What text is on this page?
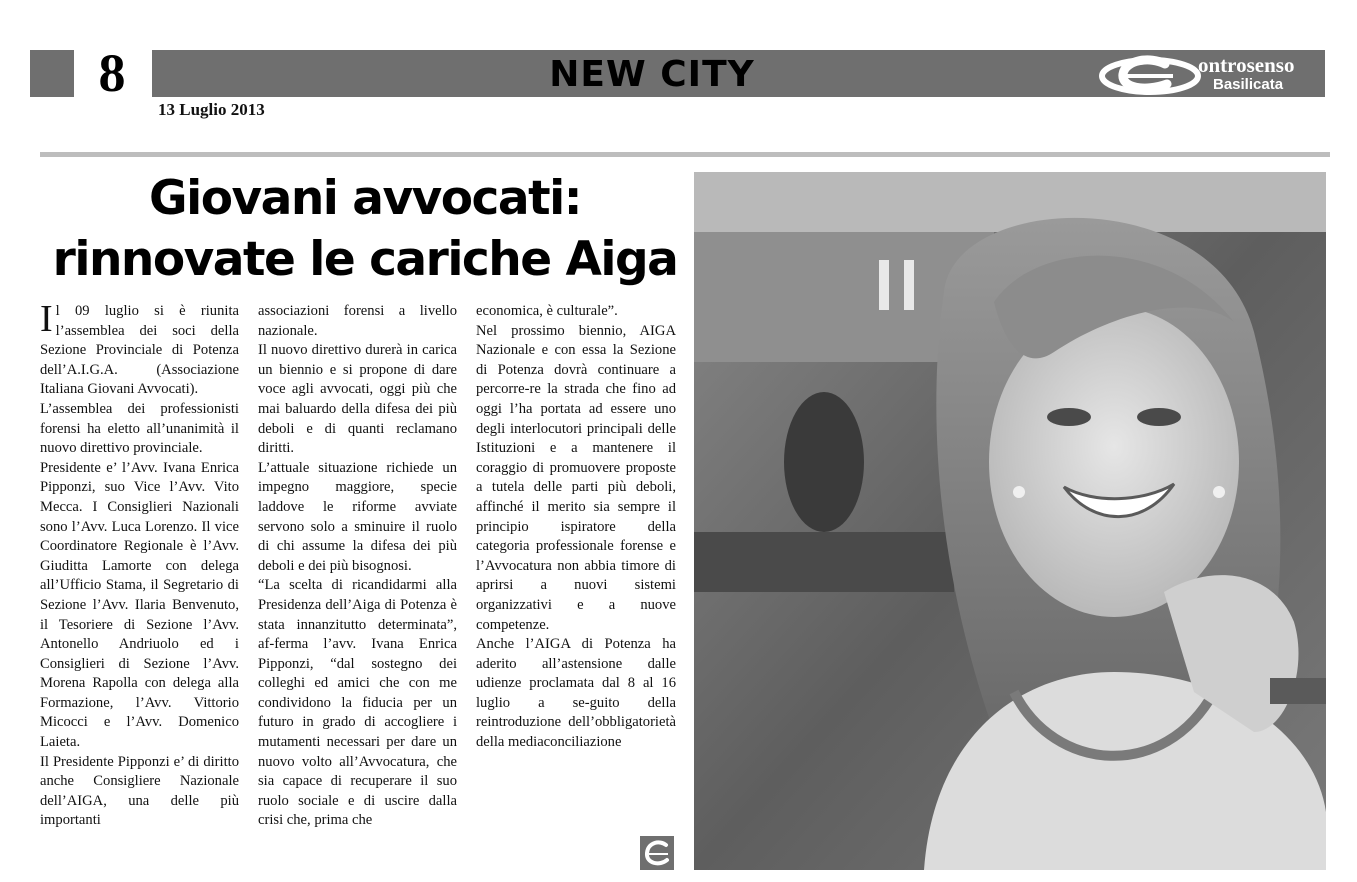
8	NEW CITY	ontrosenso
Basilicata
13 Luglio 2013
Giovani avvocati: rinnovate le cariche Aiga

Il 09 luglio si è riunita l’assemblea dei soci della Sezione Provinciale di Potenza dell’A.I.G.A. (Associazione Italiana Giovani Avvocati).

L’assemblea dei professionisti forensi ha eletto all’unanimità il nuovo direttivo provinciale.

Presidente e’ l’Avv. Ivana Enrica Pipponzi, suo Vice l’Avv. Vito Mecca. I Consiglieri Nazionali sono l’Avv. Luca Lorenzo. Il vice Coordinatore Regionale è l’Avv. Giuditta Lamorte con delega all’Ufficio Stama, il Segretario di Sezione l’Avv. Ilaria Benvenuto, il Tesoriere di Sezione l’Avv. Antonello Andriuolo ed i Consiglieri di Sezione l’Avv. Morena Rapolla con delega alla Formazione, l’Avv. Vittorio Micocci e l’Avv. Domenico Laieta.

Il Presidente Pipponzi e’ di diritto anche Consigliere Nazionale dell’AIGA, una delle più importanti

associazioni forensi a livello nazionale.

Il nuovo direttivo durerà in carica un biennio e si propone di dare voce agli avvocati, oggi più che mai baluardo della difesa dei più deboli e di quanti reclamano diritti.

L’attuale situazione richiede un impegno maggiore, specie laddove le riforme avviate servono solo a sminuire il ruolo di chi assume la difesa dei più deboli e dei più bisognosi.

“La scelta di ricandidarmi alla Presidenza dell’Aiga di Potenza è stata innanzitutto determinata”, af-ferma l’avv. Ivana Enrica Pipponzi, “dal sostegno dei colleghi ed amici che con me condividono la fiducia per un futuro in grado di accogliere i mutamenti necessari per dare un nuovo volto all’Avvocatura, che sia capace di recuperare il suo ruolo sociale e di uscire dalla crisi che, prima che

economica, è culturale”.

Nel prossimo biennio, AIGA Nazionale e con essa la Sezione di Potenza dovrà continuare a percorre-re la strada che fino ad oggi l’ha portata ad essere uno degli interlocutori principali delle Istituzioni e a mantenere il coraggio di promuovere proposte a tutela delle parti più deboli, affinché il merito sia sempre il principio ispiratore della categoria professionale forense e l’Avvocatura non abbia timore di aprirsi a nuovi sistemi organizzativi e a nuove competenze.

Anche l’AIGA di Potenza ha aderito all’astensione dalle udienze proclamata dal 8 al 16 luglio a se-guito della reintroduzione dell’obbligatorietà della mediaconciliazione
